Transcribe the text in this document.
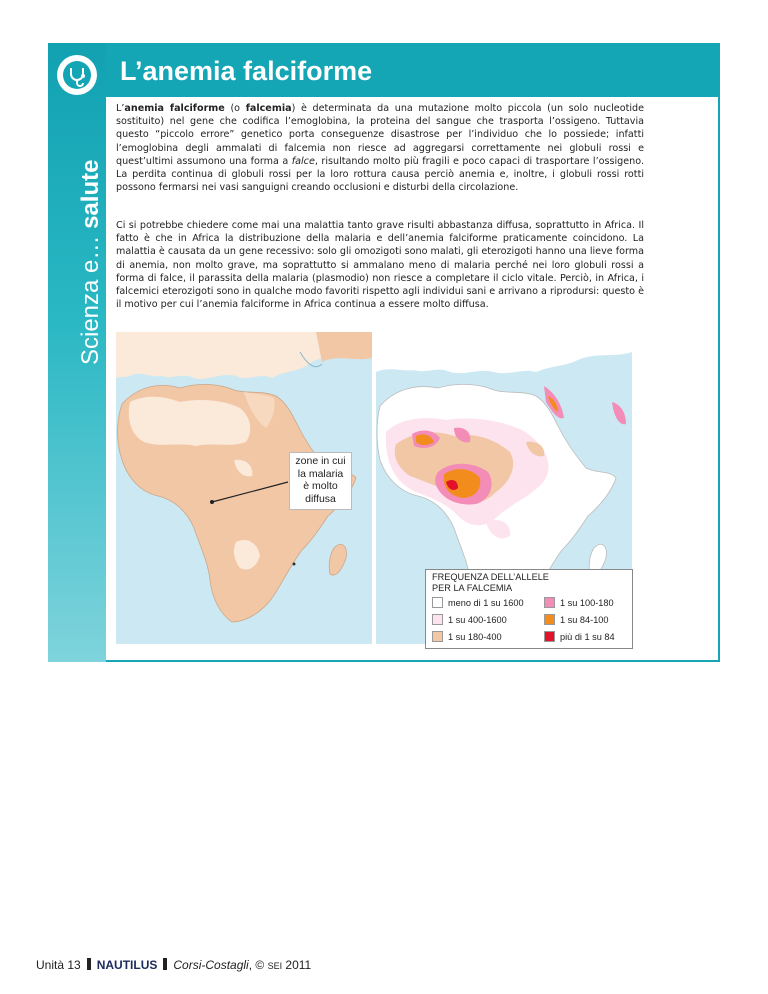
Scienza e… salute
L’anemia falciforme

L’anemia falciforme (o falcemia) è determinata da una mutazione molto piccola (un solo nucleotide sostituito) nel gene che codifica l’emoglobina, la proteina del sangue che trasporta l’ossigeno. Tuttavia questo “piccolo errore” genetico porta conseguenze disastrose per l’individuo che lo possiede; infatti l’emoglobina degli ammalati di falcemia non riesce ad aggregarsi correttamente nei globuli rossi e quest’ultimi assumono una forma a falce, risultando molto più fragili e poco capaci di trasportare l’ossigeno. La perdita continua di globuli rossi per la loro rottura causa perciò anemia e, inoltre, i globuli rossi rotti possono fermarsi nei vasi sanguigni creando occlusioni e disturbi della circolazione.

Ci si potrebbe chiedere come mai una malattia tanto grave risulti abbastanza diffusa, soprattutto in Africa. Il fatto è che in Africa la distribuzione della malaria e dell’anemia falciforme praticamente coincidono. La malattia è causata da un gene recessivo: solo gli omozigoti sono malati, gli eterozigoti hanno una lieve forma di anemia, non molto grave, ma soprattutto si ammalano meno di malaria perché nei loro globuli rossi a forma di falce, il parassita della malaria (plasmodio) non riesce a completare il ciclo vitale. Perciò, in Africa, i falcemici eterozigoti sono in qualche modo favoriti rispetto agli individui sani e arrivano a riprodursi: questo è il motivo per cui l’anemia falciforme in Africa continua a essere molto diffusa.

zone in cui
la malaria
è molto
diffusa
FREQUENZA DELL’ALLELE
PER LA FALCEMIA
meno di 1 su 1600
1 su 400-1600
1 su 180-400
1 su 100-180
1 su 84-100
più di 1 su 84
Unità 13 NAUTILUS Corsi-Costagli, © SEI 2011
